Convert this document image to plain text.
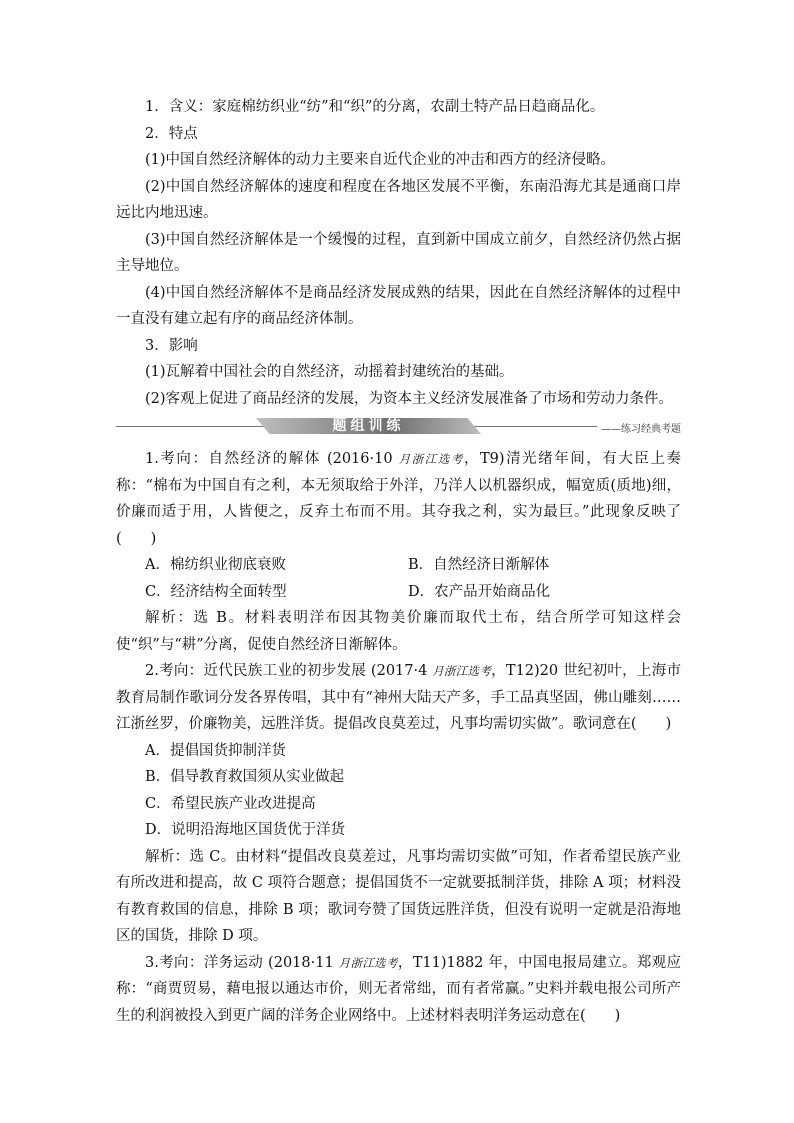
1．含义：家庭棉纺织业“纺”和“织”的分离，农副土特产品日趋商品化。

2．特点

(1)中国自然经济解体的动力主要来自近代企业的冲击和西方的经济侵略。

(2)中国自然经济解体的速度和程度在各地区发展不平衡，东南沿海尤其是通商口岸远比内地迅速。

(3)中国自然经济解体是一个缓慢的过程，直到新中国成立前夕，自然经济仍然占据主导地位。

(4)中国自然经济解体不是商品经济发展成熟的结果，因此在自然经济解体的过程中一直没有建立起有序的商品经济体制。

3．影响

(1)瓦解着中国社会的自然经济，动摇着封建统治的基础。

(2)客观上促进了商品经济的发展，为资本主义经济发展准备了市场和劳动力条件。

题组训练	——练习经典考题

1.考向：自然经济的解体 (2016·10 月浙江选考，T9)清光绪年间，有大臣上奏称：“棉布为中国自有之利，本无须取给于外洋，乃洋人以机器织成，幅宽质(质地)细，价廉而适于用，人皆便之，反弃土布而不用。其夺我之利，实为最巨。”此现象反映了(　　)

A．棉纺织业彻底衰败	B．自然经济日渐解体
C．经济结构全面转型	D．农产品开始商品化

解析：选 B。材料表明洋布因其物美价廉而取代土布，结合所学可知这样会使“织”与“耕”分离，促使自然经济日渐解体。

2.考向：近代民族工业的初步发展 (2017·4 月浙江选考，T12)20 世纪初叶，上海市教育局制作歌词分发各界传唱，其中有“神州大陆天产多，手工品真坚固，佛山雕刻……江浙丝罗，价廉物美，远胜洋货。提倡改良莫差过，凡事均需切实做”。歌词意在(　　)

A．提倡国货抑制洋货

B．倡导教育救国须从实业做起

C．希望民族产业改进提高

D．说明沿海地区国货优于洋货

解析：选 C。由材料“提倡改良莫差过，凡事均需切实做”可知，作者希望民族产业有所改进和提高，故 C 项符合题意；提倡国货不一定就要抵制洋货，排除 A 项；材料没有教育救国的信息，排除 B 项；歌词夸赞了国货远胜洋货，但没有说明一定就是沿海地区的国货，排除 D 项。

3.考向：洋务运动 (2018·11 月浙江选考，T11)1882 年，中国电报局建立。郑观应称：“商贾贸易，藉电报以通达市价，则无者常绌，而有者常赢。”史料并载电报公司所产生的利润被投入到更广阔的洋务企业网络中。上述材料表明洋务运动意在(　　)
